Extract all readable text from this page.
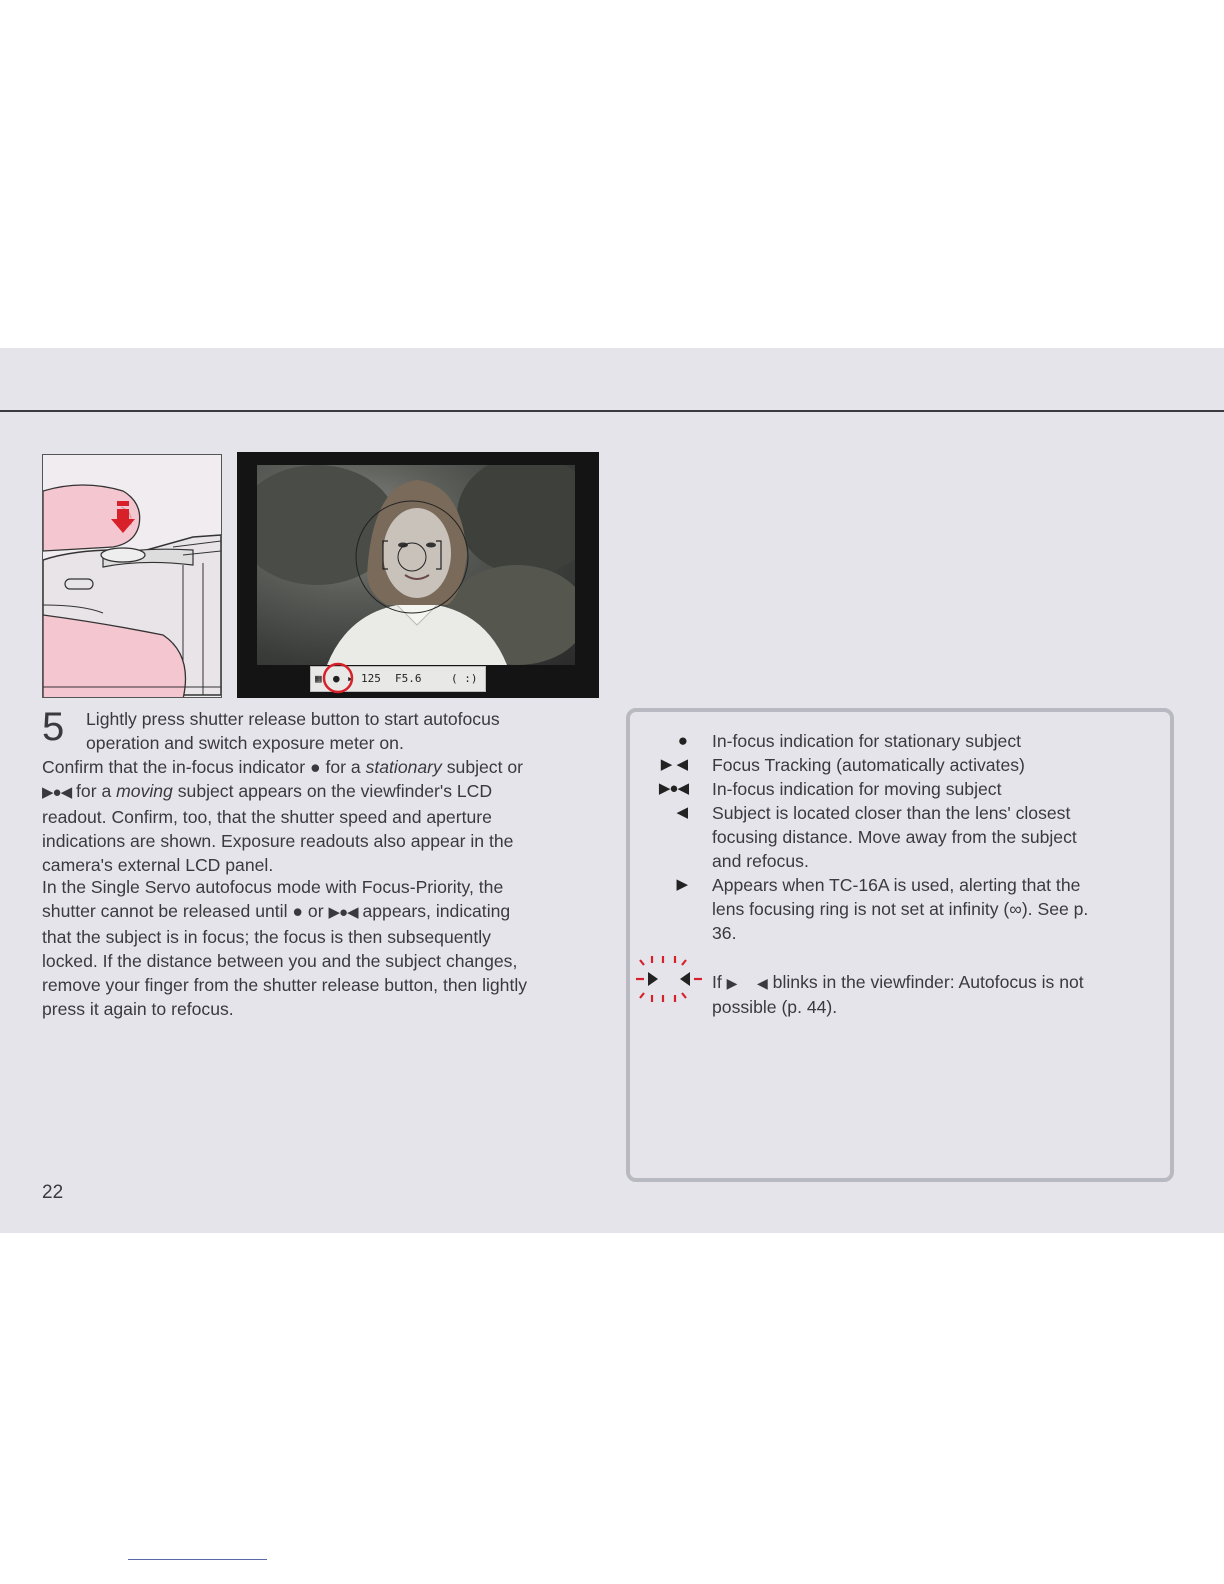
▦ ● ▸ 125 F5.6	( :)
5 Lightly press shutter release button to start autofocus
operation and switch exposure meter on.

Confirm that the in-focus indicator ● for a stationary subject or

▶●◀ for a moving subject appears on the viewfinder's LCD

readout. Confirm, too, that the shutter speed and aperture

indications are shown. Exposure readouts also appear in the

camera's external LCD panel.

In the Single Servo autofocus mode with Focus-Priority, the

shutter cannot be released until ● or ▶●◀ appears, indicating

that the subject is in focus; the focus is then subsequently

locked. If the distance between you and the subject changes,

remove your finger from the shutter release button, then lightly

press it again to refocus.

● In-focus indication for stationary subject
▶ ◀ Focus Tracking (automatically activates)
▶●◀ In-focus indication for moving subject
◀ Subject is located closer than the lens' closest
focusing distance. Move away from the subject
and refocus.
▶ Appears when TC-16A is used, alerting that the
lens focusing ring is not set at infinity (∞). See p.
36.
If ▶ ◀ blinks in the viewfinder: Autofocus is not
possible (p. 44).
22
